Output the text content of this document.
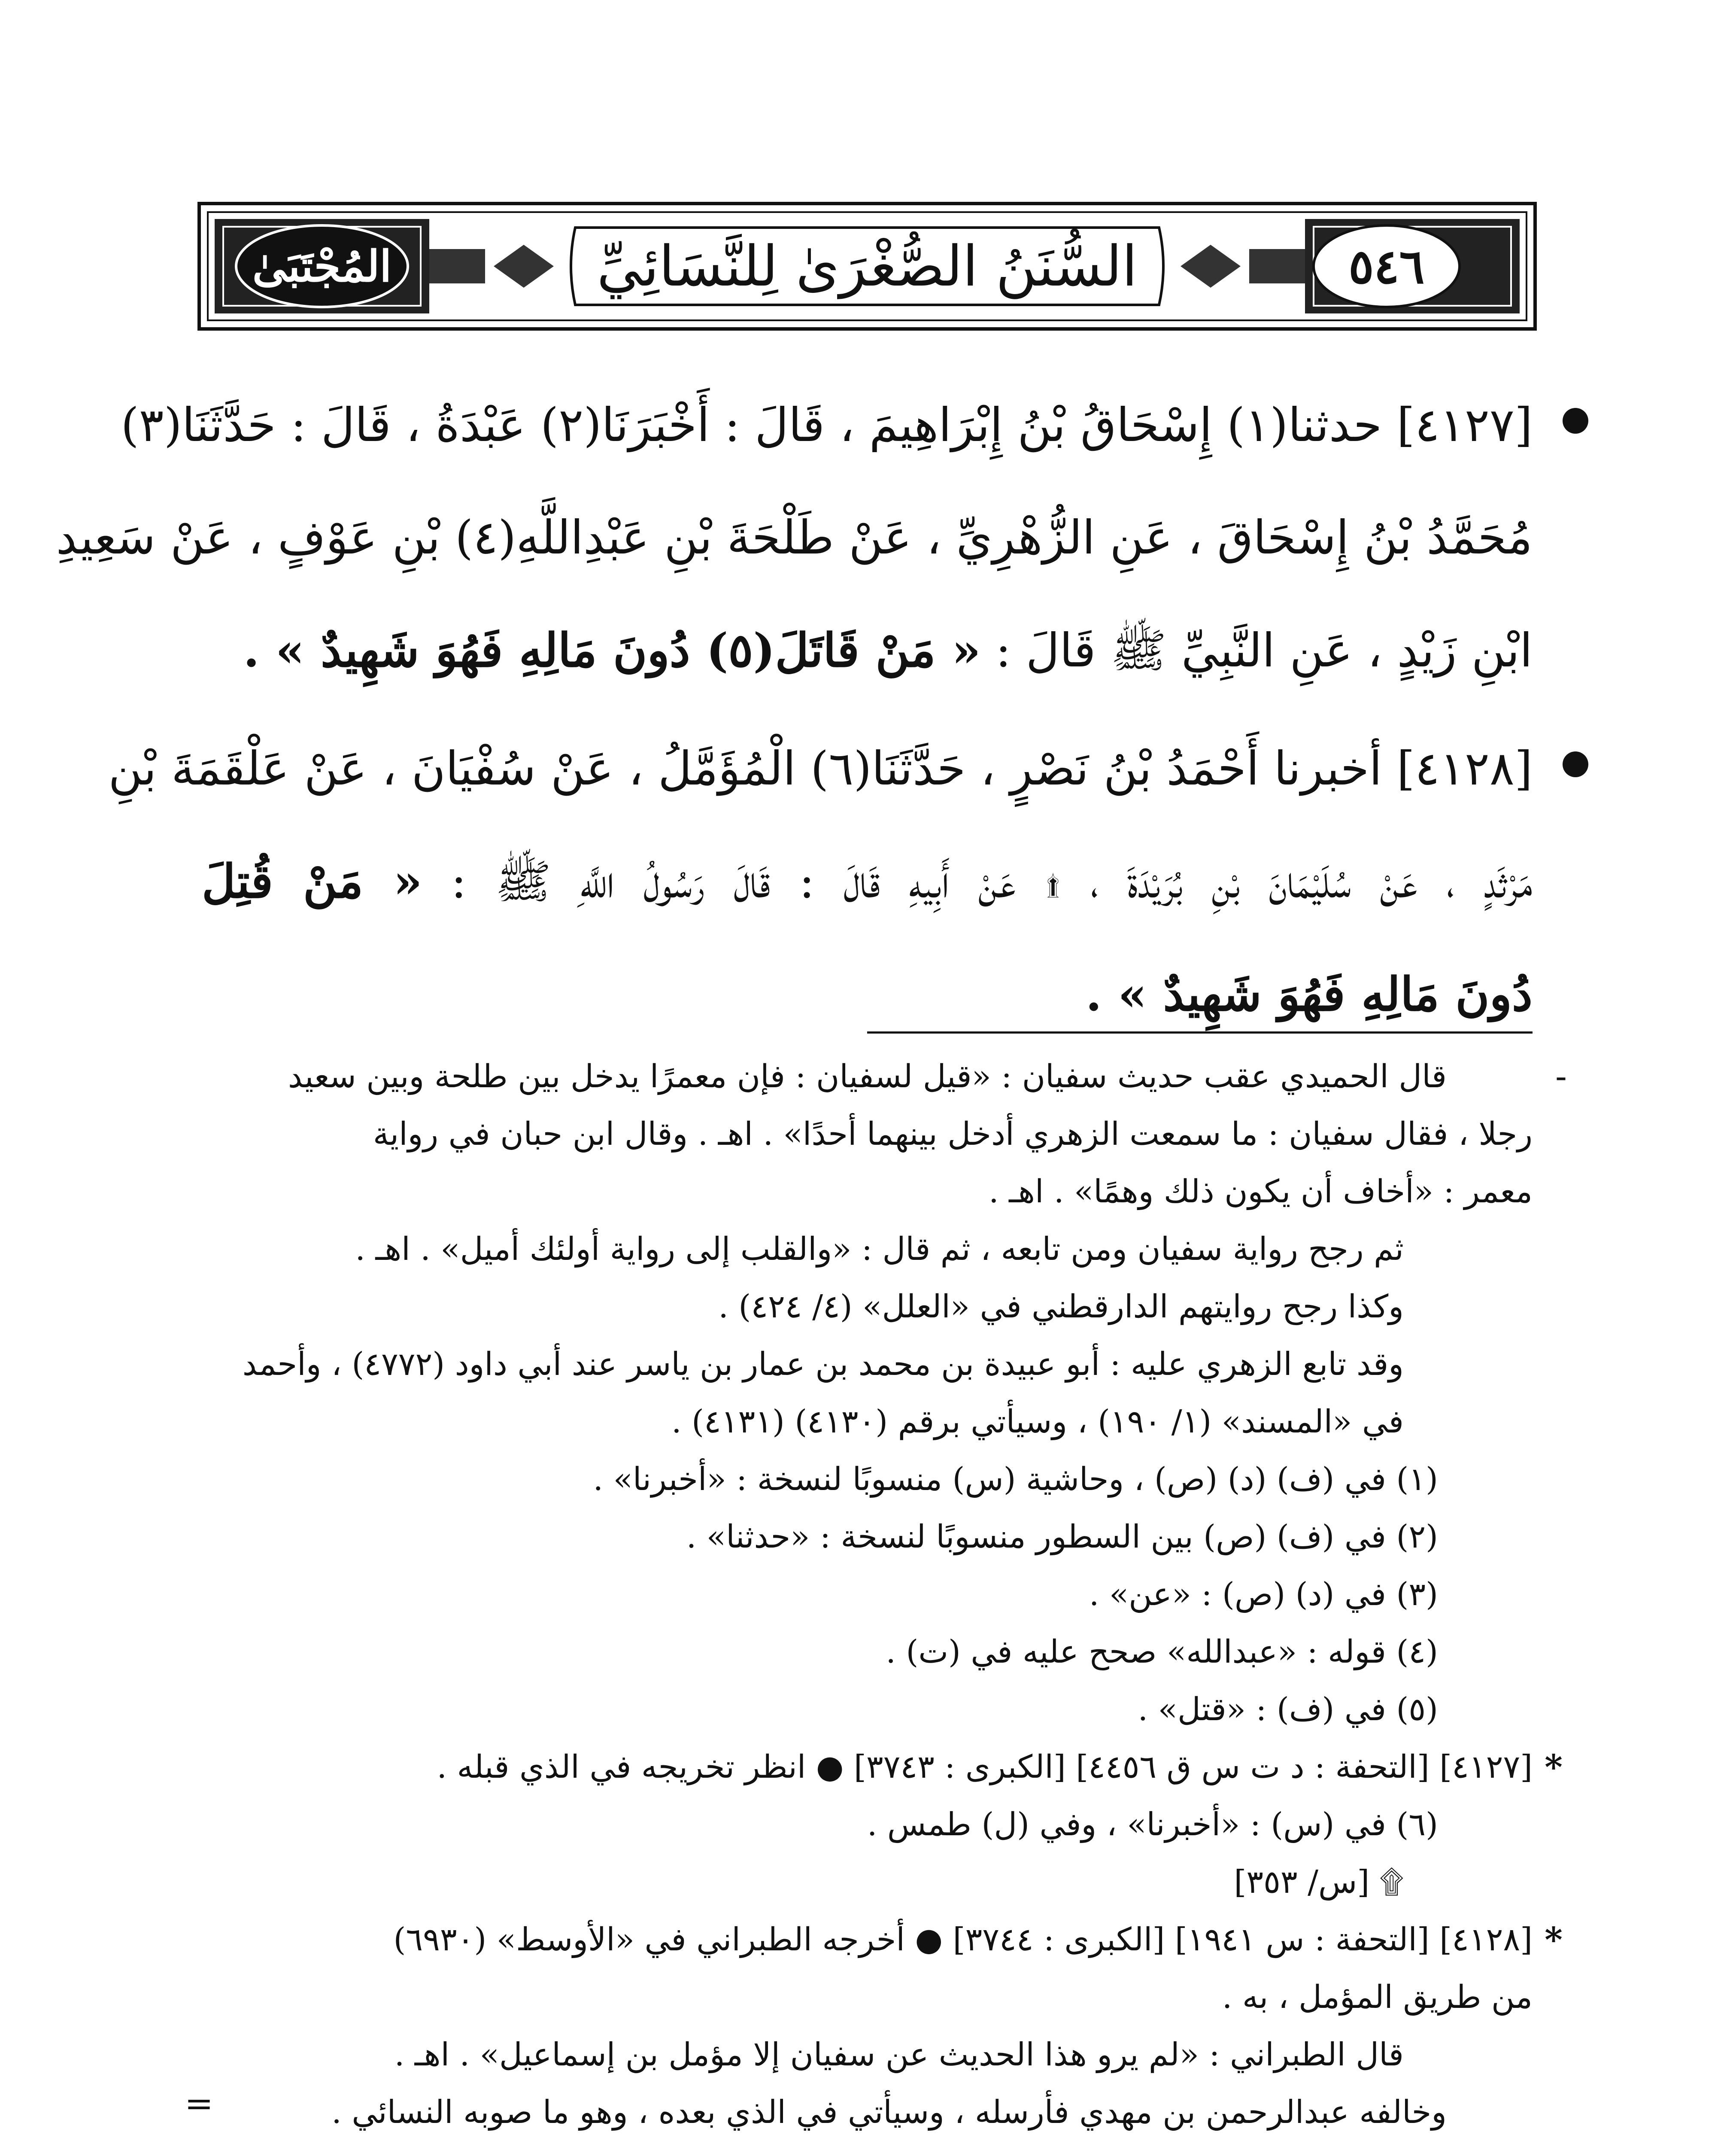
السُّنَنُ الصُّغْرَىٰ لِلنَّسَائِيِّ	٥٤٦
المُجْتَبَىٰ
[٤١٢٧] حدثنا(١) إِسْحَاقُ بْنُ إِبْرَاهِيمَ ، قَالَ : أَخْبَرَنَا(٢) عَبْدَةُ ، قَالَ : حَدَّثَنَا(٣)
مُحَمَّدُ بْنُ إِسْحَاقَ ، عَنِ الزُّهْرِيِّ ، عَنْ طَلْحَةَ بْنِ عَبْدِاللَّهِ(٤) بْنِ عَوْفٍ ، عَنْ سَعِيدِ
ابْنِ زَيْدٍ ، عَنِ النَّبِيِّ ﷺ قَالَ : « مَنْ قَاتَلَ(٥) دُونَ مَالِهِ فَهُوَ شَهِيدٌ » .
[٤١٢٨] أخبرنا أَحْمَدُ بْنُ نَصْرٍ ، حَدَّثَنَا(٦) الْمُؤَمَّلُ ، عَنْ سُفْيَانَ ، عَنْ عَلْقَمَةَ بْنِ
مَرْثَدٍ ، عَنْ سُلَيْمَانَ بْنِ بُرَيْدَةَ ، ۩ عَنْ أَبِيهِ قَالَ : قَالَ رَسُولُ اللَّهِ ﷺ : « مَنْ قُتِلَ
دُونَ مَالِهِ فَهُوَ شَهِيدٌ » .
-
قال الحميدي عقب حديث سفيان : «قيل لسفيان : فإن معمرًا يدخل بين طلحة وبين سعيد
رجلا ، فقال سفيان : ما سمعت الزهري أدخل بينهما أحدًا» . اهـ . وقال ابن حبان في رواية
معمر : «أخاف أن يكون ذلك وهمًا» . اهـ .
ثم رجح رواية سفيان ومن تابعه ، ثم قال : «والقلب إلى رواية أولئك أميل» . اهـ .
وكذا رجح روايتهم الدارقطني في «العلل» (٤/ ٤٢٤) .
وقد تابع الزهري عليه : أبو عبيدة بن محمد بن عمار بن ياسر عند أبي داود (٤٧٧٢) ، وأحمد
في «المسند» (١/ ١٩٠) ، وسيأتي برقم (٤١٣٠) (٤١٣١) .
(١) في (ف) (د) (ص) ، وحاشية (س) منسوبًا لنسخة : «أخبرنا» .
(٢) في (ف) (ص) بين السطور منسوبًا لنسخة : «حدثنا» .
(٣) في (د) (ص) : «عن» .
(٤) قوله : «عبدالله» صحح عليه في (ت) .
(٥) في (ف) : «قتل» .
*
[٤١٢٧] [التحفة : د ت س ق ٤٤٥٦] [الكبرى : ٣٧٤٣] ● انظر تخريجه في الذي قبله .
(٦) في (س) : «أخبرنا» ، وفي (ل) طمس .
۩ [س/ ٣٥٣]
*
[٤١٢٨] [التحفة : س ١٩٤١] [الكبرى : ٣٧٤٤] ● أخرجه الطبراني في «الأوسط» (٦٩٣٠)
من طريق المؤمل ، به .
قال الطبراني : «لم يرو هذا الحديث عن سفيان إلا مؤمل بن إسماعيل» . اهـ .
وخالفه عبدالرحمن بن مهدي فأرسله ، وسيأتي في الذي بعده ، وهو ما صوبه النسائي .
=
